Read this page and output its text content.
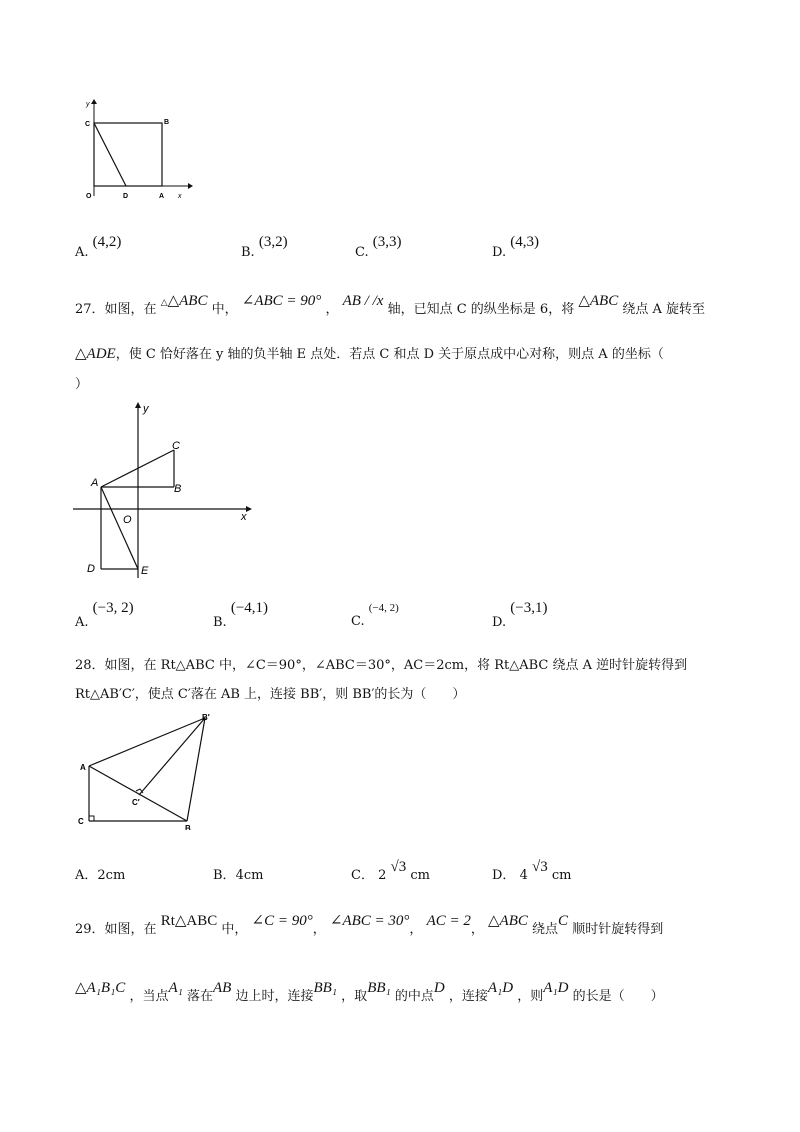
y
C	B
O	D	A x
A. (4,2)
B. (3,2)
C. (3,3)
D. (4,3)
27．如图，在 △△ABC 中， ∠ABC = 90° ， AB / /x 轴，已知点 C 的纵坐标是 6，将 △ABC 绕点 A 旋转至
△ADE，使 C 恰好落在 y 轴的负半轴 E 点处．若点 C 和点 D 关于原点成中心对称，则点 A 的坐标（
）
y
C
A	B
O	x
D	E
A. (−3, 2)
B. (−4,1)
C. $^{(-4, 2)}$
D. (−3,1)
28．如图，在 Rt△ABC 中，∠C＝90°，∠ABC＝30°，AC＝2cm，将 Rt△ABC 绕点 A 逆时针旋转得到
Rt△AB′C′，使点 C′落在 AB 上，连接 BB′，则 BB′的长为（　　）
B′
A
C′
C
B
A．2cm	B．4cm	C． 2 √3 cm	D． 4 √3 cm
29．如图，在 Rt△ABC 中， ∠C = 90°， ∠ABC = 30°， AC = 2， △ABC 绕点C 顺时针旋转得到
△A₁B₁C ，当点A₁ 落在AB 边上时，连接BB₁ ，取BB₁ 的中点D ，连接A₁D ，则A₁D 的长是（　　）
